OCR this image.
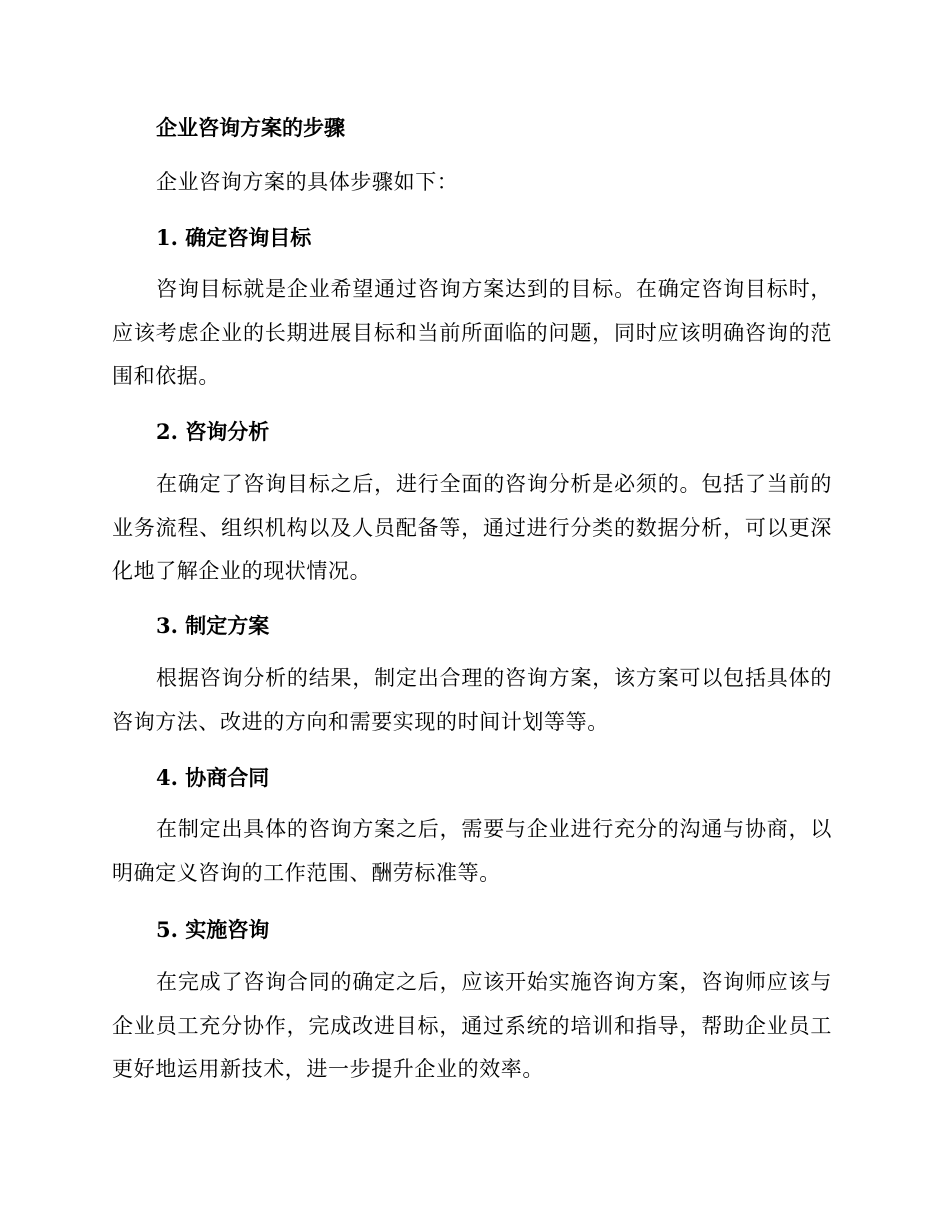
企业咨询方案的步骤

企业咨询方案的具体步骤如下：

1. 确定咨询目标

咨询目标就是企业希望通过咨询方案达到的目标。在确定咨询目标时，应该考虑企业的长期进展目标和当前所面临的问题，同时应该明确咨询的范围和依据。

2. 咨询分析

在确定了咨询目标之后，进行全面的咨询分析是必须的。包括了当前的业务流程、组织机构以及人员配备等，通过进行分类的数据分析，可以更深化地了解企业的现状情况。

3. 制定方案

根据咨询分析的结果，制定出合理的咨询方案，该方案可以包括具体的咨询方法、改进的方向和需要实现的时间计划等等。

4. 协商合同

在制定出具体的咨询方案之后，需要与企业进行充分的沟通与协商，以明确定义咨询的工作范围、酬劳标准等。

5. 实施咨询

在完成了咨询合同的确定之后，应该开始实施咨询方案，咨询师应该与企业员工充分协作，完成改进目标，通过系统的培训和指导，帮助企业员工更好地运用新技术，进一步提升企业的效率。
